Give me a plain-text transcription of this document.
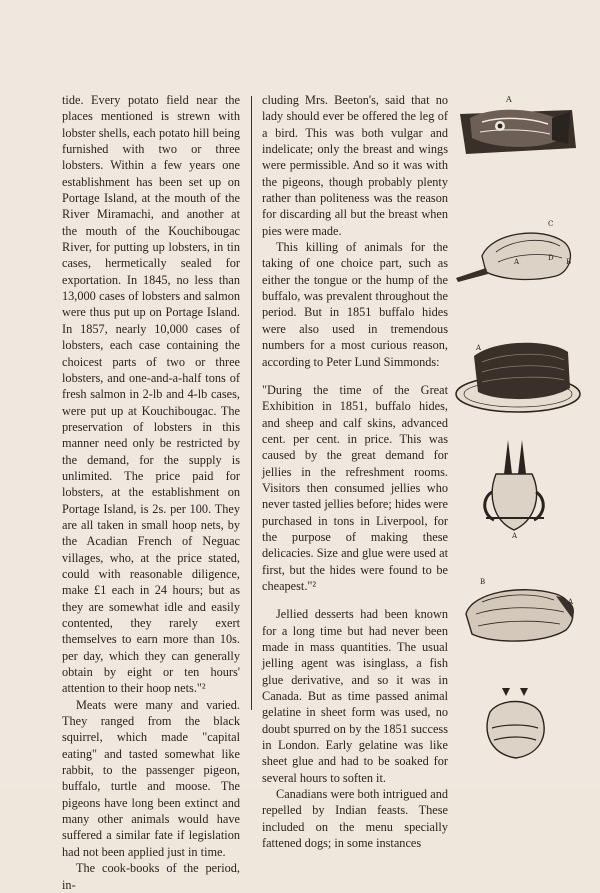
tide. Every potato field near the places mentioned is strewn with lobster shells, each potato hill being furnished with two or three lobsters. Within a few years one establishment has been set up on Portage Island, at the mouth of the River Miramachi, and another at the mouth of the Kouchibougac River, for putting up lobsters, in tin cases, hermetically sealed for exportation. In 1845, no less than 13,000 cases of lobsters and salmon were thus put up on Portage Island. In 1857, nearly 10,000 cases of lobsters, each case containing the choicest parts of two or three lobsters, and one-and-a-half tons of fresh salmon in 2-lb and 4-lb cases, were put up at Kouchibougac. The preservation of lobsters in this manner need only be restricted by the demand, for the supply is unlimited. The price paid for lobsters, at the establishment on Portage Island, is 2s. per 100. They are all taken in small hoop nets, by the Acadian French of Neguac villages, who, at the price stated, could with reasonable diligence, make £1 each in 24 hours; but as they are somewhat idle and easily contented, they rarely exert themselves to earn more than 10s. per day, which they can generally obtain by eight or ten hours' attention to their hoop nets."²

Meats were many and varied. They ranged from the black squirrel, which made "capital eating" and tasted somewhat like rabbit, to the passenger pigeon, buffalo, turtle and moose. The pigeons have long been extinct and many other animals would have suffered a similar fate if legislation had not been applied just in time.

The cook-books of the period, in-

cluding Mrs. Beeton's, said that no lady should ever be offered the leg of a bird. This was both vulgar and indelicate; only the breast and wings were permissible. And so it was with the pigeons, though probably plenty rather than politeness was the reason for discarding all but the breast when pies were made.

This killing of animals for the taking of one choice part, such as either the tongue or the hump of the buffalo, was prevalent throughout the period. But in 1851 buffalo hides were also used in tremendous numbers for a most curious reason, according to Peter Lund Simmonds:

"During the time of the Great Exhibition in 1851, buffalo hides, and sheep and calf skins, advanced cent. per cent. in price. This was caused by the great demand for jellies in the refreshment rooms. Visitors then consumed jellies who never tasted jellies before; hides were purchased in tons in Liverpool, for the purpose of making these delicacies. Size and glue were used at first, but the hides were found to be cheapest."²

Jellied desserts had been known for a long time but had never been made in mass quantities. The usual jelling agent was isinglass, a fish glue derivative, and so it was in Canada. But as time passed animal gelatine in sheet form was used, no doubt spurred on by the 1851 success in London. Early gelatine was like sheet glue and had to be soaked for several hours to soften it.

Canadians were both intrigued and repelled by Indian feasts. These included on the menu specially fattened dogs; in some instances

A
C
A	D B
A
A
B
A
